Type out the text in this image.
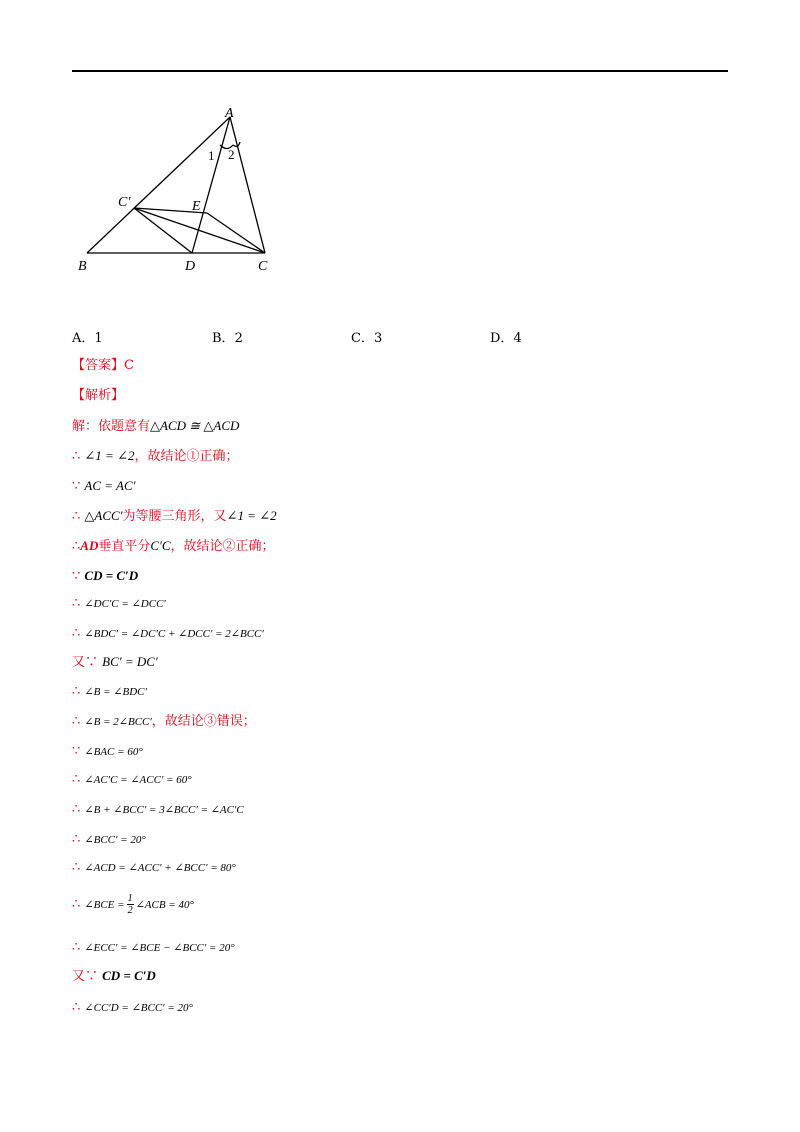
A
B	C
D
E
C′
1 2
A．1	B．2	C．3	D．4
【答案】C
【解析】
解：依题意有△ACD ≅ △ACD
∴ ∠1 = ∠2，故结论①正确；
∵ AC = AC′
∴ △ACC′为等腰三角形，又∠1 = ∠2
∴AD垂直平分C′C，故结论②正确；
∵ CD = C′D
∴ ∠DC′C = ∠DCC′
∴ ∠BDC′ = ∠DC′C + ∠DCC′ = 2∠BCC′
又∵ BC′ = DC′
∴ ∠B = ∠BDC′
∴ ∠B = 2∠BCC′，故结论③错误；
∵ ∠BAC = 60°
∴ ∠AC′C = ∠ACC′ = 60°
∴ ∠B + ∠BCC′ = 3∠BCC′ = ∠AC′C
∴ ∠BCC′ = 20°
∴ ∠ACD = ∠ACC′ + ∠BCC′ = 80°
∴ ∠BCE = $\frac{1}{2}$ ∠ACB = 40°
∴ ∠ECC′ = ∠BCE − ∠BCC′ = 20°
又∵ CD = C′D
∴ ∠CC′D = ∠BCC′ = 20°
